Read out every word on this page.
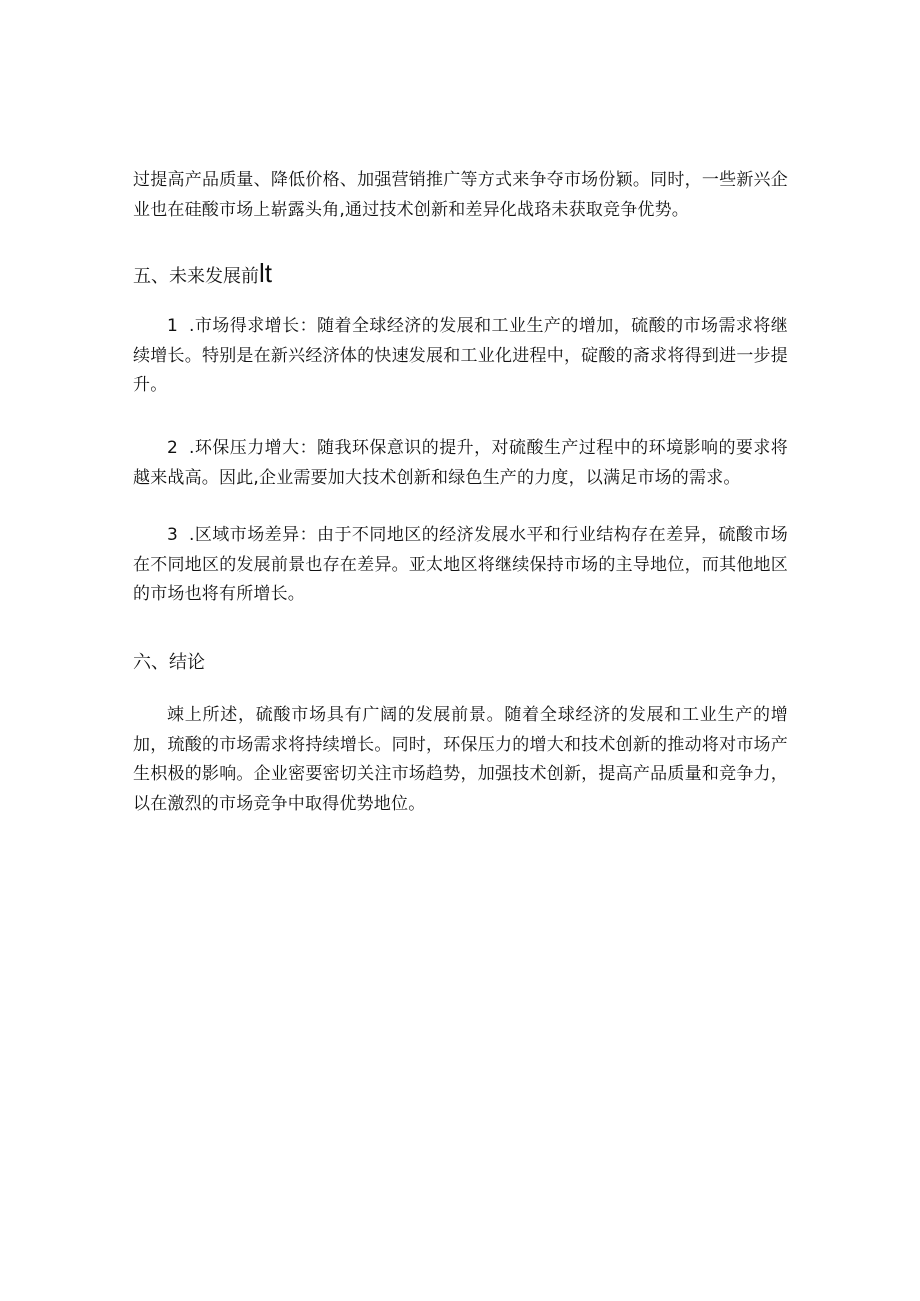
过提高产品质量、降低价格、加强营销推广等方式来争夺市场份颖。同时，一些新兴企业也在硅酸市场上崭露头角,通过技术创新和差异化战珞未获取竞争优势。
五、未来发展前lt
1 .市场得求增长：随着全球经济的发展和工业生产的增加，硫酸的市场需求将继续增长。特别是在新兴经济体的快速发展和工业化进程中，碇酸的斋求将得到进一步提升。
2 .环保压力增大：随我环保意识的提升，对硫酸生产过程中的环境影响的要求将越来战高。因此,企业需要加大技术创新和绿色生产的力度，以满足市场的需求。
3 .区域市场差异：由于不同地区的经济发展水平和行业结构存在差异，硫酸市场在不同地区的发展前景也存在差异。亚太地区将继续保持市场的主导地位，而其他地区的市场也将有所增长。
六、结论
竦上所述，硫酸市场具有广阔的发展前景。随着全球经济的发展和工业生产的增加，琉酸的市场需求将持续增长。同时，环保压力的增大和技术创新的推动将对市场产生枳极的影响。企业密要密切关注市场趋势，加强技术创新，提高产品质量和竞争力，以在激烈的市场竞争中取得优势地位。
